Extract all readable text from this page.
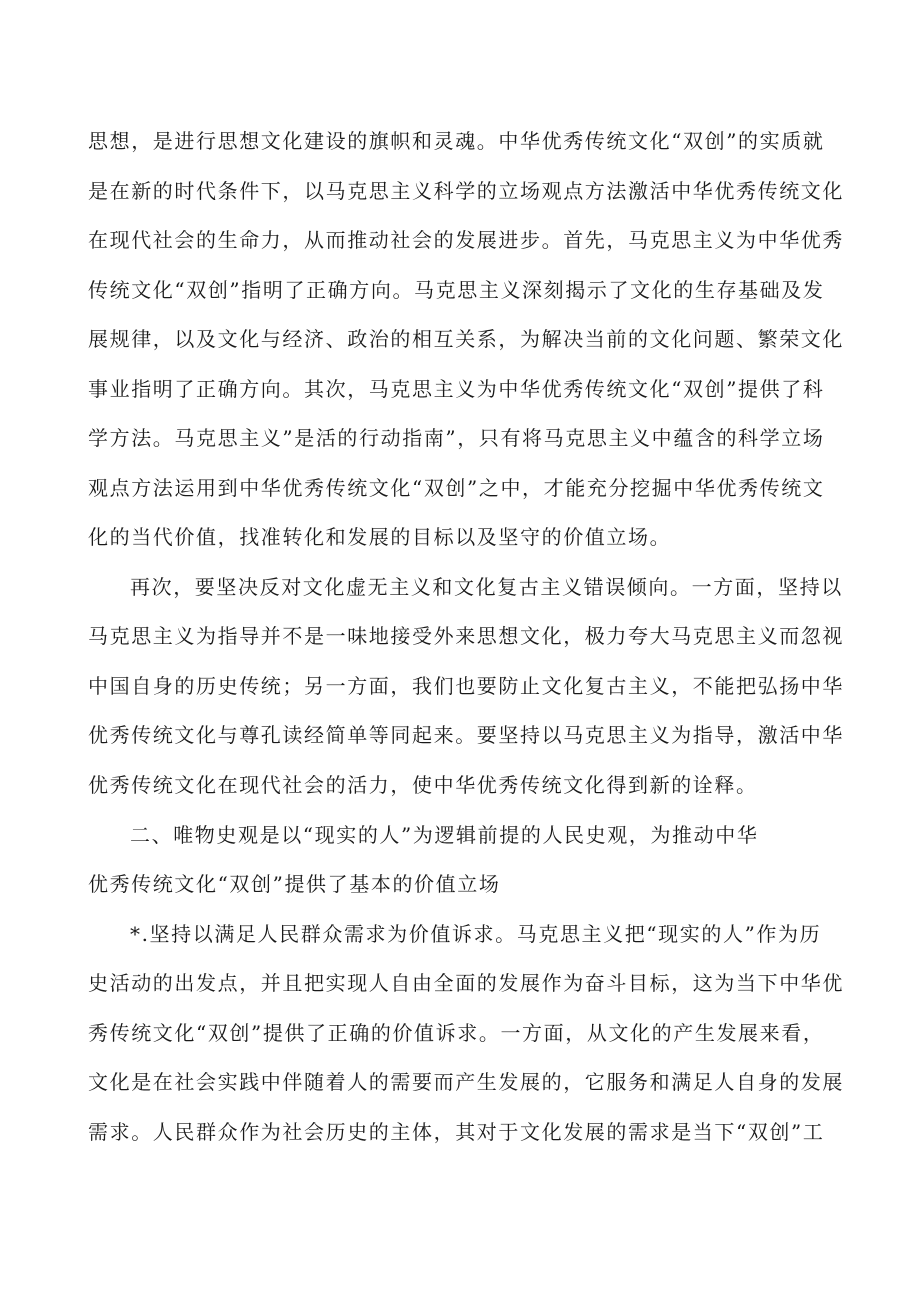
思想，是进行思想文化建设的旗帜和灵魂。中华优秀传统文化“双创”的实质就
是在新的时代条件下，以马克思主义科学的立场观点方法激活中华优秀传统文化
在现代社会的生命力，从而推动社会的发展进步。首先，马克思主义为中华优秀
传统文化“双创”指明了正确方向。马克思主义深刻揭示了文化的生存基础及发
展规律，以及文化与经济、政治的相互关系，为解决当前的文化问题、繁荣文化
事业指明了正确方向。其次，马克思主义为中华优秀传统文化“双创”提供了科
学方法。马克思主义”是活的行动指南”，只有将马克思主义中蕴含的科学立场
观点方法运用到中华优秀传统文化“双创”之中，才能充分挖掘中华优秀传统文
化的当代价值，找准转化和发展的目标以及坚守的价值立场。
再次，要坚决反对文化虚无主义和文化复古主义错误倾向。一方面，坚持以
马克思主义为指导并不是一味地接受外来思想文化，极力夸大马克思主义而忽视
中国自身的历史传统；另一方面，我们也要防止文化复古主义，不能把弘扬中华
优秀传统文化与尊孔读经简单等同起来。要坚持以马克思主义为指导，激活中华
优秀传统文化在现代社会的活力，使中华优秀传统文化得到新的诠释。
二、唯物史观是以“现实的人”为逻辑前提的人民史观，为推动中华
优秀传统文化“双创”提供了基本的价值立场
*.坚持以满足人民群众需求为价值诉求。马克思主义把“现实的人”作为历
史活动的出发点，并且把实现人自由全面的发展作为奋斗目标，这为当下中华优
秀传统文化“双创”提供了正确的价值诉求。一方面，从文化的产生发展来看，
文化是在社会实践中伴随着人的需要而产生发展的，它服务和满足人自身的发展
需求。人民群众作为社会历史的主体，其对于文化发展的需求是当下“双创”工
